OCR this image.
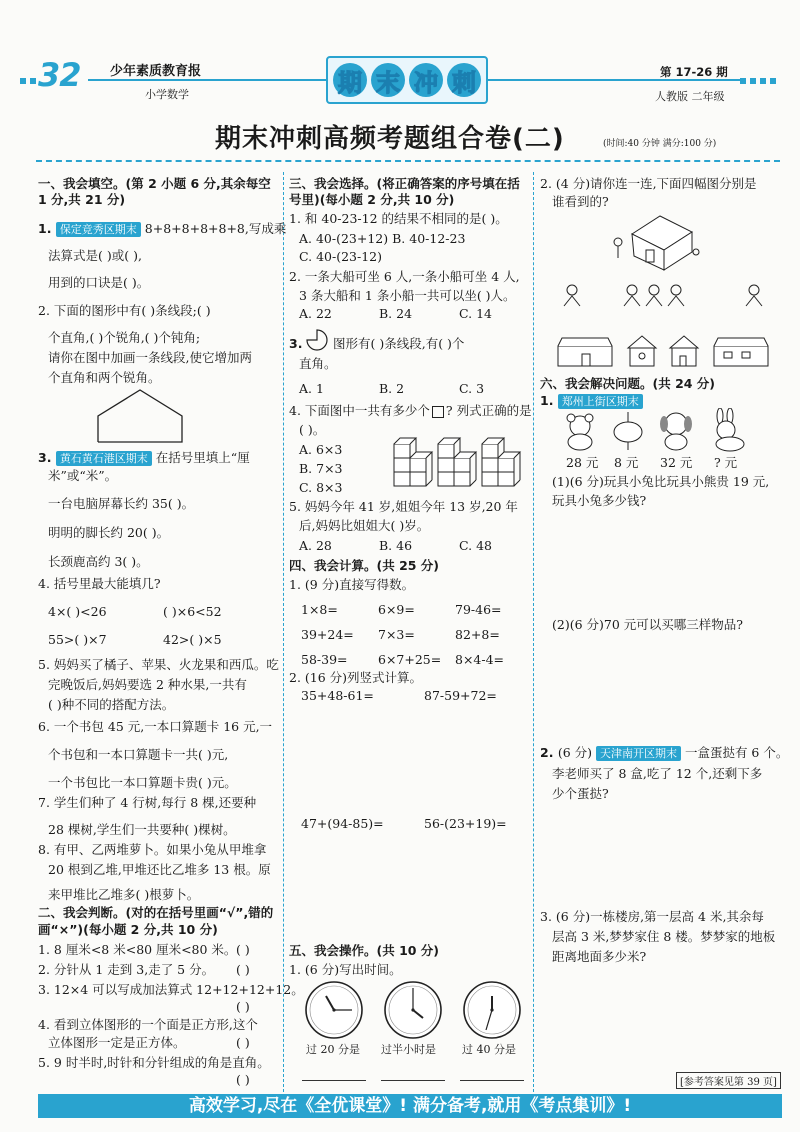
32 少年素质教育报
小学数学	期 末 冲 刺	第 17-26 期
人教版 二年级
期末冲刺高频考题组合卷(二)	(时间:40 分钟 满分:100 分)
一、我会填空。(第 2 小题 6 分,其余每空
1 分,共 21 分)
1. 保定竞秀区期末 8+8+8+8+8+8,写成乘
法算式是( )或( ),
用到的口诀是( )。
2. 下面的图形中有( )条线段;( )
个直角,( )个锐角,( )个钝角;
请你在图中加画一条线段,使它增加两
个直角和两个锐角。
3. 黄石黄石港区期末 在括号里填上“厘
米”或“米”。
一台电脑屏幕长约 35( )。
明明的脚长约 20( )。
长颈鹿高约 3( )。
4. 括号里最大能填几?
4×( )<26	( )×6<52
55>( )×7	42>( )×5
5. 妈妈买了橘子、苹果、火龙果和西瓜。吃
完晚饭后,妈妈要选 2 种水果,一共有
( )种不同的搭配方法。
6. 一个书包 45 元,一本口算题卡 16 元,一
个书包和一本口算题卡一共( )元,
一个书包比一本口算题卡贵( )元。
7. 学生们种了 4 行树,每行 8 棵,还要种
28 棵树,学生们一共要种( )棵树。
8. 有甲、乙两堆萝卜。如果小兔从甲堆拿
20 根到乙堆,甲堆还比乙堆多 13 根。原
来甲堆比乙堆多( )根萝卜。
二、我会判断。(对的在括号里画“√”,错的
画“×”)(每小题 2 分,共 10 分)
1. 8 厘米<8 米<80 厘米<80 米。 ( )
2. 分针从 1 走到 3,走了 5 分。 ( )
3. 12×4 可以写成加法算式 12+12+12+12。
( )
4. 看到立体图形的一个面是正方形,这个
立体图形一定是正方体。	( )
5. 9 时半时,时针和分针组成的角是直角。
( )
三、我会选择。(将正确答案的序号填在括
号里)(每小题 2 分,共 10 分)
1. 和 40-23-12 的结果不相同的是( )。
A. 40-(23+12) B. 40-12-23
C. 40-(23-12)
2. 一条大船可坐 6 人,一条小船可坐 4 人,
3 条大船和 1 条小船一共可以坐( )人。
A. 22	B. 24	C. 14
3. 图形有( )条线段,有( )个
直角。
A. 1	B. 2	C. 3
4. 下面图中一共有多少个 ? 列式正确的是
( )。
A. 6×3
B. 7×3
C. 8×3
5. 妈妈今年 41 岁,姐姐今年 13 岁,20 年
后,妈妈比姐姐大( )岁。
A. 28	B. 46	C. 48
四、我会计算。(共 25 分)
1. (9 分)直接写得数。
1×8=	6×9=	79-46=
39+24= 7×3=	82+8=
58-39= 6×7+25= 8×4-4=
2. (16 分)列竖式计算。
35+48-61=	87-59+72=
47+(94-85)=	56-(23+19)=
五、我会操作。(共 10 分)
1. (6 分)写出时间。
过 20 分是 过半小时是 过 40 分是
2. (4 分)请你连一连,下面四幅图分别是
谁看到的?
六、我会解决问题。(共 24 分)
1. 郑州上街区期末
28 元 8 元 32 元 ? 元
(1)(6 分)玩具小兔比玩具小熊贵 19 元,
玩具小兔多少钱?
(2)(6 分)70 元可以买哪三样物品?
2. (6 分) 天津南开区期末 一盒蛋挞有 6 个。
李老师买了 8 盒,吃了 12 个,还剩下多
少个蛋挞?
3. (6 分)一栋楼房,第一层高 4 米,其余每
层高 3 米,梦梦家住 8 楼。梦梦家的地板
距离地面多少米?
[参考答案见第 39 页]
高效学习,尽在《全优课堂》! 满分备考,就用《考点集训》!
